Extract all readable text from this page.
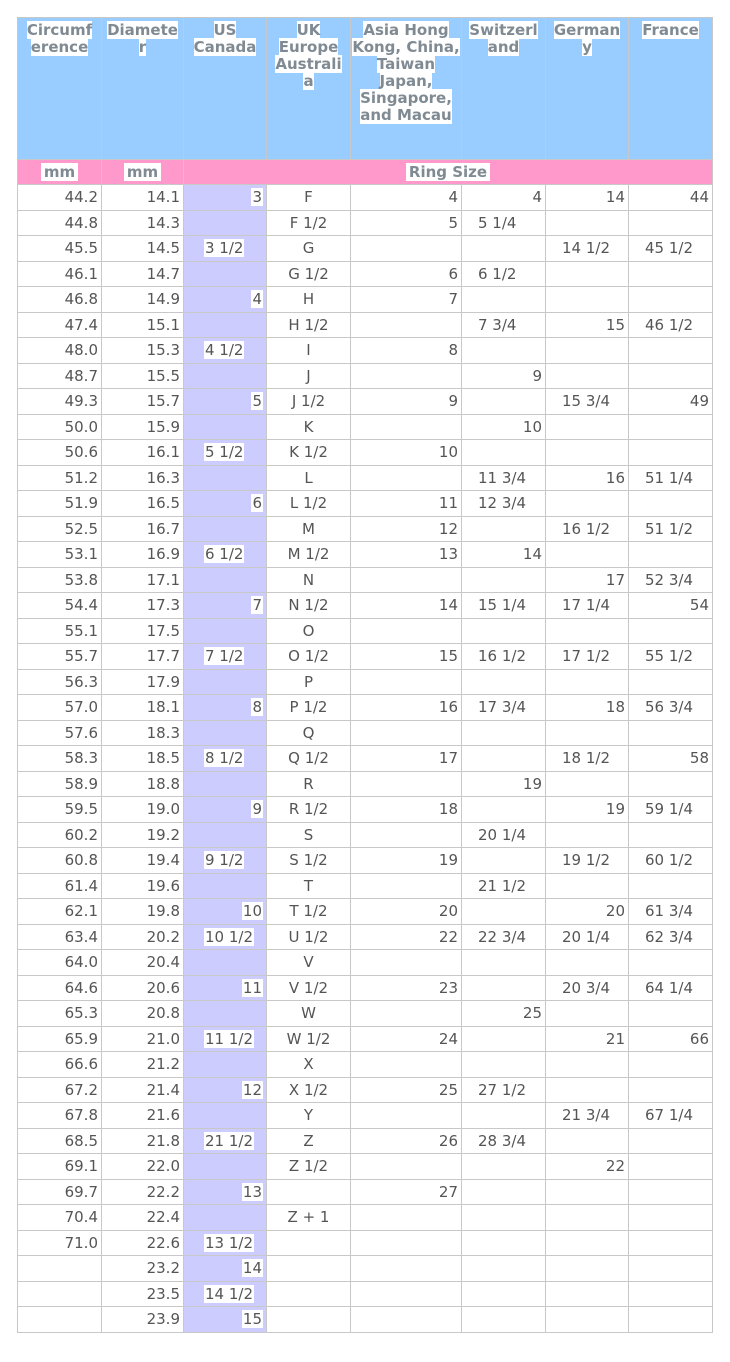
Circumf erence	Diamete r	US Canada	UK Europe Australi a	Asia Hong Kong, China, Taiwan Japan, Singapore, and Macau	Switzerl and	German y	France
mm	mm	Ring Size					
44.2	14.1	3	F	4	4	14	44
44.8	14.3		F 1/2	5	5 1/4		
45.5	14.5	3 1/2	G			14 1/2	45 1/2
46.1	14.7		G 1/2	6	6 1/2		
46.8	14.9	4	H	7			
47.4	15.1		H 1/2		7 3/4	15	46 1/2
48.0	15.3	4 1/2	I	8			
48.7	15.5		J		9		
49.3	15.7	5	J 1/2	9		15 3/4	49
50.0	15.9		K		10		
50.6	16.1	5 1/2	K 1/2	10			
51.2	16.3		L		11 3/4	16	51 1/4
51.9	16.5	6	L 1/2	11	12 3/4		
52.5	16.7		M	12		16 1/2	51 1/2
53.1	16.9	6 1/2	M 1/2	13	14		
53.8	17.1		N			17	52 3/4
54.4	17.3	7	N 1/2	14	15 1/4	17 1/4	54
55.1	17.5		O				
55.7	17.7	7 1/2	O 1/2	15	16 1/2	17 1/2	55 1/2
56.3	17.9		P				
57.0	18.1	8	P 1/2	16	17 3/4	18	56 3/4
57.6	18.3		Q				
58.3	18.5	8 1/2	Q 1/2	17		18 1/2	58
58.9	18.8		R		19		
59.5	19.0	9	R 1/2	18		19	59 1/4
60.2	19.2		S		20 1/4		
60.8	19.4	9 1/2	S 1/2	19		19 1/2	60 1/2
61.4	19.6		T		21 1/2		
62.1	19.8	10	T 1/2	20		20	61 3/4
63.4	20.2	10 1/2	U 1/2	22	22 3/4	20 1/4	62 3/4
64.0	20.4		V				
64.6	20.6	11	V 1/2	23		20 3/4	64 1/4
65.3	20.8		W		25		
65.9	21.0	11 1/2	W 1/2	24		21	66
66.6	21.2		X				
67.2	21.4	12	X 1/2	25	27 1/2		
67.8	21.6		Y			21 3/4	67 1/4
68.5	21.8	21 1/2	Z	26	28 3/4		
69.1	22.0		Z 1/2			22	
69.7	22.2	13		27			
70.4	22.4		Z + 1				
71.0	22.6	13 1/2					
	23.2	14					
	23.5	14 1/2					
	23.9	15					
